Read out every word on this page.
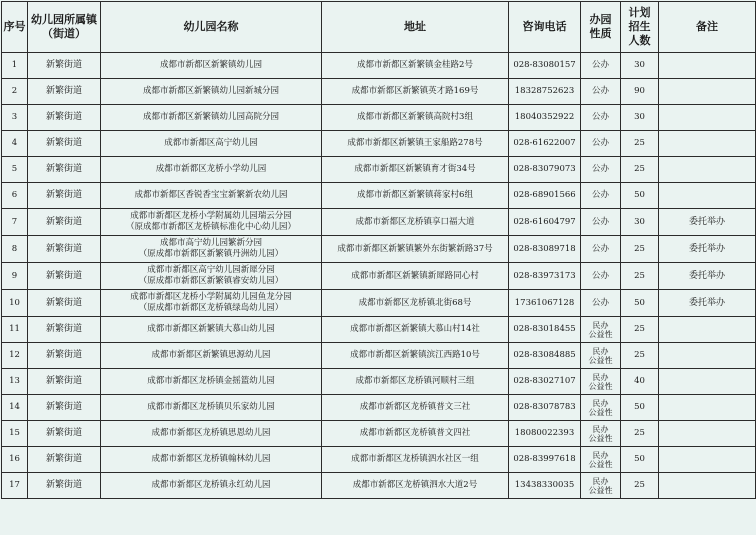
序号	幼儿园所属镇（街道）	幼儿园名称	地址	咨询电话	办园性质	计划招生人数	备注
1	新繁街道	成都市新都区新繁镇幼儿园	成都市新都区新繁镇金桂路2号	028-83080157	公办	30	
2	新繁街道	成都市新都区新繁镇幼儿园新城分园	成都市新都区新繁镇英才路169号	18328752623	公办	90	
3	新繁街道	成都市新都区新繁镇幼儿园高院分园	成都市新都区新繁镇高院村3组	18040352922	公办	30	
4	新繁街道	成都市新都区高宁幼儿园	成都市新都区新繁镇王家船路278号	028-61622007	公办	25	
5	新繁街道	成都市新都区龙桥小学幼儿园	成都市新都区新繁镇育才街34号	028-83079073	公办	25	
6	新繁街道	成都市新都区香锐香宝宝新繁新农幼儿园	成都市新都区新繁镇蒋家村6组	028-68901566	公办	50	
7	新繁街道	成都市新都区龙桥小学附属幼儿园瑞云分园
（原成都市新都区龙桥镇标准化中心幼儿园）	成都市新都区龙桥镇享口福大道	028-61604797	公办	30	委托举办
8	新繁街道	成都市高宁幼儿园繁新分园
（原成都市新都区新繁镇丹洲幼儿园）	成都市新都区新繁镇繁外东街繁新路37号	028-83089718	公办	25	委托举办
9	新繁街道	成都市新都区高宁幼儿园新犀分园
（原成都市新都区新繁镇睿安幼儿园）	成都市新都区新繁镇新犀路同心村	028-83973173	公办	25	委托举办
10	新繁街道	成都市新都区龙桥小学附属幼儿园鱼龙分园
（原成都市新都区龙桥镇绿岛幼儿园）	成都市新都区龙桥镇北街68号	17361067128	公办	50	委托举办
11	新繁街道	成都市新都区新繁镇大慕山幼儿园	成都市新都区新繁镇大慕山村14社	028-83018455	民办
公益性	25	
12	新繁街道	成都市新都区新繁镇思源幼儿园	成都市新都区新繁镇滨江西路10号	028-83084885	民办
公益性	25	
13	新繁街道	成都市新都区龙桥镇金摇篮幼儿园	成都市新都区龙桥镇河顺村三组	028-83027107	民办
公益性	40	
14	新繁街道	成都市新都区龙桥镇贝乐家幼儿园	成都市新都区龙桥镇普文三社	028-83078783	民办
公益性	50	
15	新繁街道	成都市新都区龙桥镇思恩幼儿园	成都市新都区龙桥镇普文四社	18080022393	民办
公益性	25	
16	新繁街道	成都市新都区龙桥镇翰林幼儿园	成都市新都区龙桥镇泗水社区一组	028-83997618	民办
公益性	50	
17	新繁街道	成都市新都区龙桥镇永红幼儿园	成都市新都区龙桥镇泗水大道2号	13438330035	民办
公益性	25	
